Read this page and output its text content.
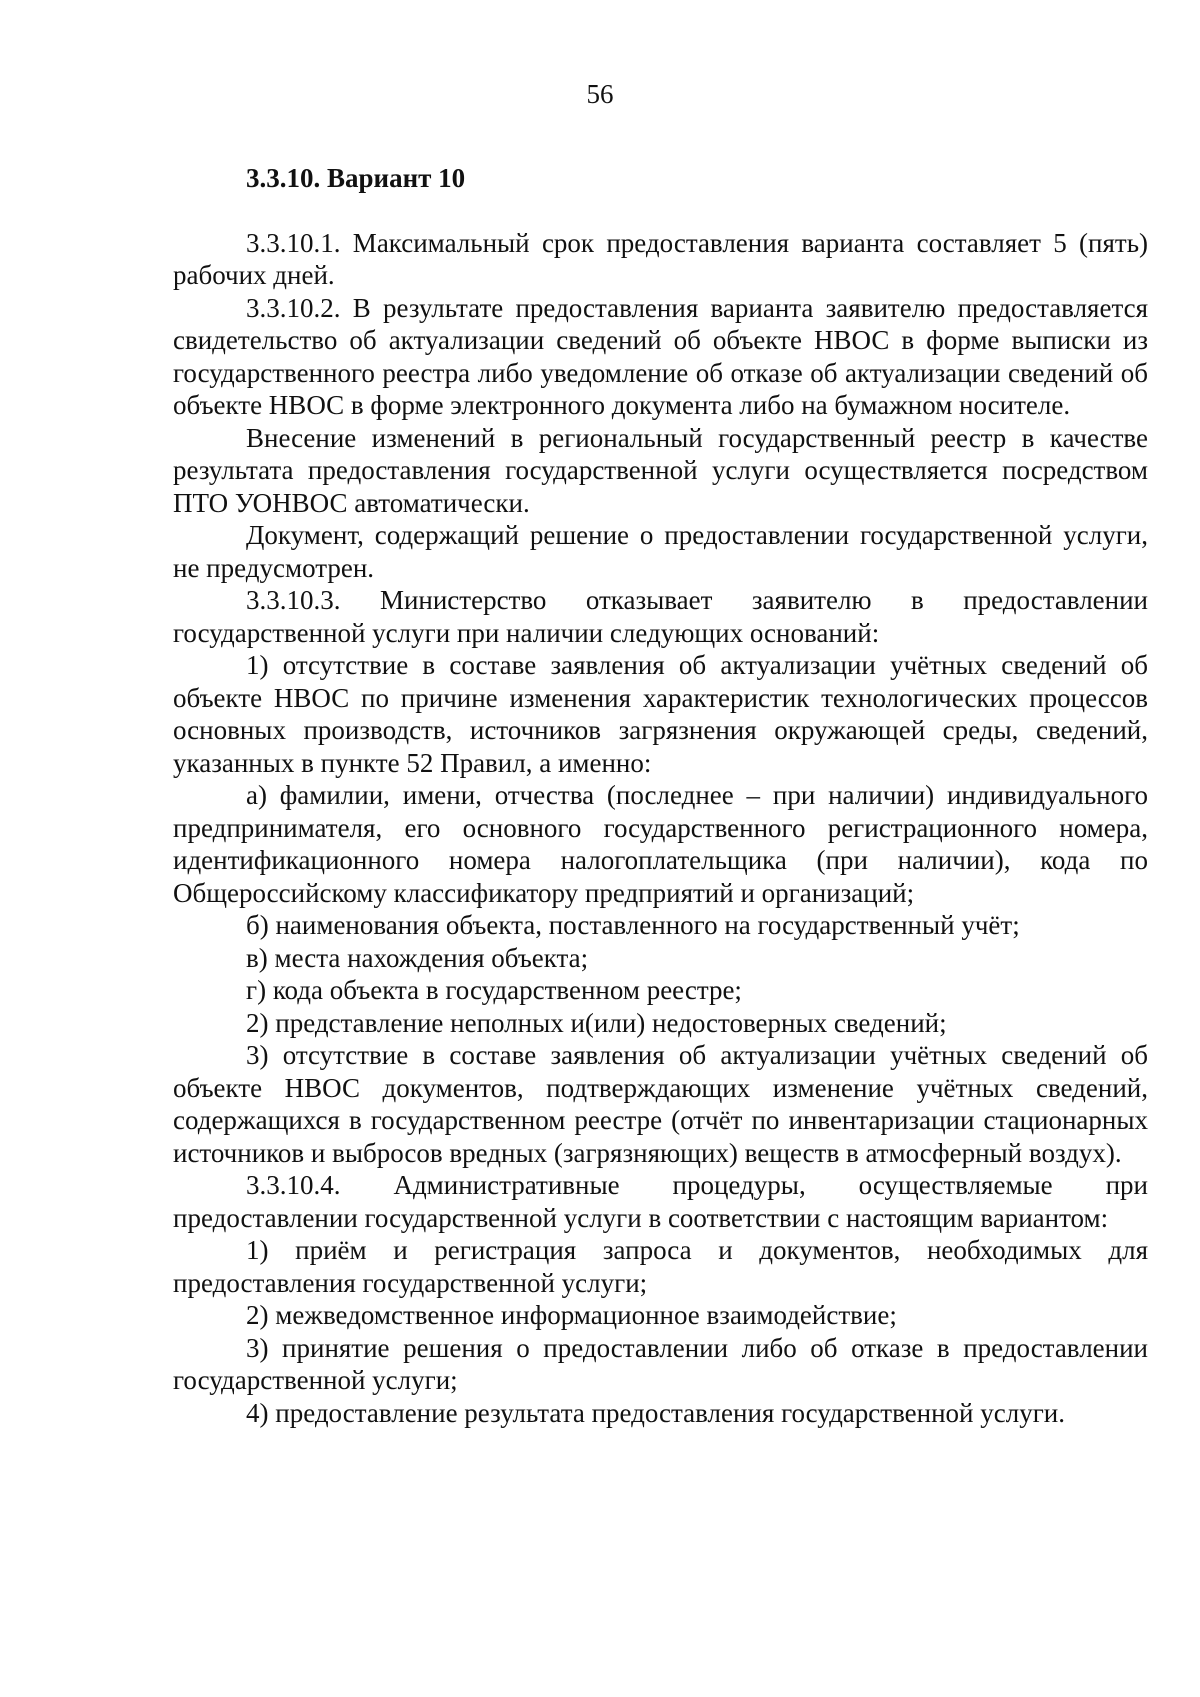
56
3.3.10. Вариант 10

3.3.10.1. Максимальный срок предоставления варианта составляет 5 (пять) рабочих дней.

3.3.10.2. В результате предоставления варианта заявителю предоставляется свидетельство об актуализации сведений об объекте НВОС в форме выписки из государственного реестра либо уведомление об отказе об актуализации сведений об объекте НВОС в форме электронного документа либо на бумажном носителе.

Внесение изменений в региональный государственный реестр в качестве результата предоставления государственной услуги осуществляется посредством ПТО УОНВОС автоматически.

Документ, содержащий решение о предоставлении государственной услуги, не предусмотрен.

3.3.10.3. Министерство отказывает заявителю в предоставлении государственной услуги при наличии следующих оснований:

1) отсутствие в составе заявления об актуализации учётных сведений об объекте НВОС по причине изменения характеристик технологических процессов основных производств, источников загрязнения окружающей среды, сведений, указанных в пункте 52 Правил, а именно:

а) фамилии, имени, отчества (последнее – при наличии) индивидуального предпринимателя, его основного государственного регистрационного номера, идентификационного номера налогоплательщика (при наличии), кода по Общероссийскому классификатору предприятий и организаций;

б) наименования объекта, поставленного на государственный учёт;

в) места нахождения объекта;

г) кода объекта в государственном реестре;

2) представление неполных и(или) недостоверных сведений;

3) отсутствие в составе заявления об актуализации учётных сведений об объекте НВОС документов, подтверждающих изменение учётных сведений, содержащихся в государственном реестре (отчёт по инвентаризации стационарных источников и выбросов вредных (загрязняющих) веществ в атмосферный воздух).

3.3.10.4. Административные процедуры, осуществляемые при предоставлении государственной услуги в соответствии с настоящим вариантом:

1) приём и регистрация запроса и документов, необходимых для предоставления государственной услуги;

2) межведомственное информационное взаимодействие;

3) принятие решения о предоставлении либо об отказе в предоставлении государственной услуги;

4) предоставление результата предоставления государственной услуги.
